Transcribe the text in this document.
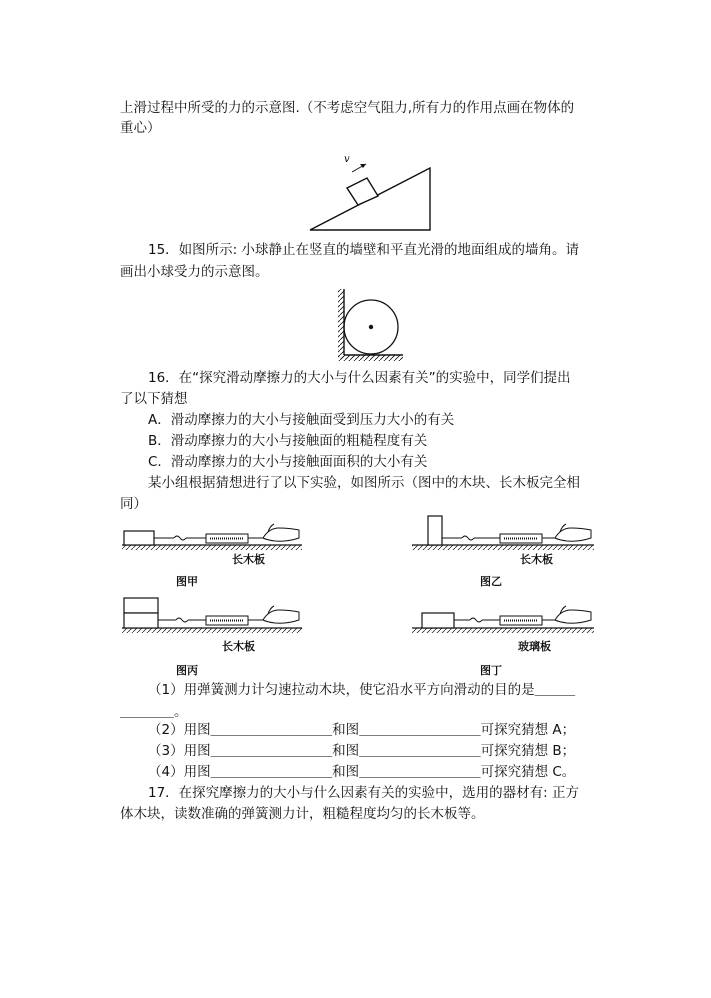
上滑过程中所受的力的示意图.（不考虑空气阻力,所有力的作用点画在物体的
重心）
v
15．如图所示: 小球静止在竖直的墙壁和平直光滑的地面组成的墙角。请
画出小球受力的示意图。
16．在“探究滑动摩擦力的大小与什么因素有关”的实验中，同学们提出
了以下猜想
A．滑动摩擦力的大小与接触面受到压力大小的有关
B．滑动摩擦力的大小与接触面的粗糙程度有关
C．滑动摩擦力的大小与接触面面积的大小有关
某小组根据猜想进行了以下实验，如图所示（图中的木块、长木板完全相
同）
长木板
图甲
长木板
图乙
长木板
图丙
玻璃板
图丁
（1）用弹簧测力计匀速拉动木块，使它沿水平方向滑动的目的是＿＿＿
＿＿＿＿。
（2）用图＿＿＿＿＿＿＿＿＿和图＿＿＿＿＿＿＿＿＿可探究猜想 A；
（3）用图＿＿＿＿＿＿＿＿＿和图＿＿＿＿＿＿＿＿＿可探究猜想 B；
（4）用图＿＿＿＿＿＿＿＿＿和图＿＿＿＿＿＿＿＿＿可探究猜想 C。
17．在探究摩擦力的大小与什么因素有关的实验中，选用的器材有: 正方
体木块，读数准确的弹簧测力计，粗糙程度均匀的长木板等。
